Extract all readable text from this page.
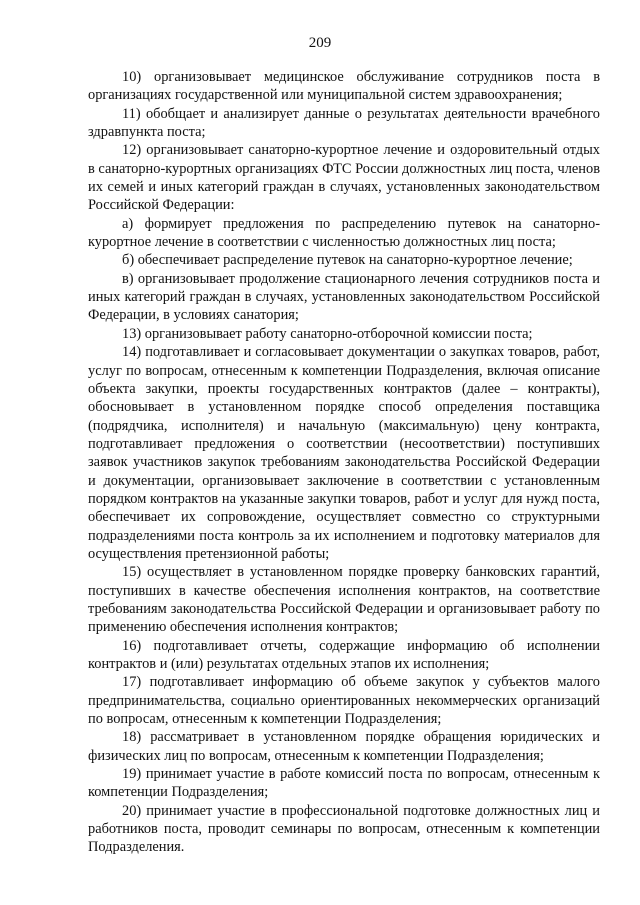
209

10) организовывает медицинское обслуживание сотрудников поста в организациях государственной или муниципальной систем здравоохранения;

11) обобщает и анализирует данные о результатах деятельности врачебного здравпункта поста;

12) организовывает санаторно-курортное лечение и оздоровительный отдых в санаторно-курортных организациях ФТС России должностных лиц поста, членов их семей и иных категорий граждан в случаях, установленных законодательством Российской Федерации:

а) формирует предложения по распределению путевок на санаторно-курортное лечение в соответствии с численностью должностных лиц поста;

б) обеспечивает распределение путевок на санаторно-курортное лечение;

в) организовывает продолжение стационарного лечения сотрудников поста и иных категорий граждан в случаях, установленных законодательством Российской Федерации, в условиях санатория;

13) организовывает работу санаторно-отборочной комиссии поста;

14) подготавливает и согласовывает документации о закупках товаров, работ, услуг по вопросам, отнесенным к компетенции Подразделения, включая описание объекта закупки, проекты государственных контрактов (далее – контракты), обосновывает в установленном порядке способ определения поставщика (подрядчика, исполнителя) и начальную (максимальную) цену контракта, подготавливает предложения о соответствии (несоответствии) поступивших заявок участников закупок требованиям законодательства Российской Федерации и документации, организовывает заключение в соответствии с установленным порядком контрактов на указанные закупки товаров, работ и услуг для нужд поста, обеспечивает их сопровождение, осуществляет совместно со структурными подразделениями поста контроль за их исполнением и подготовку материалов для осуществления претензионной работы;

15) осуществляет в установленном порядке проверку банковских гарантий, поступивших в качестве обеспечения исполнения контрактов, на соответствие требованиям законодательства Российской Федерации и организовывает работу по применению обеспечения исполнения контрактов;

16) подготавливает отчеты, содержащие информацию об исполнении контрактов и (или) результатах отдельных этапов их исполнения;

17) подготавливает информацию об объеме закупок у субъектов малого предпринимательства, социально ориентированных некоммерческих организаций по вопросам, отнесенным к компетенции Подразделения;

18) рассматривает в установленном порядке обращения юридических и физических лиц по вопросам, отнесенным к компетенции Подразделения;

19) принимает участие в работе комиссий поста по вопросам, отнесенным к компетенции Подразделения;

20) принимает участие в профессиональной подготовке должностных лиц и работников поста, проводит семинары по вопросам, отнесенным к компетенции Подразделения.
